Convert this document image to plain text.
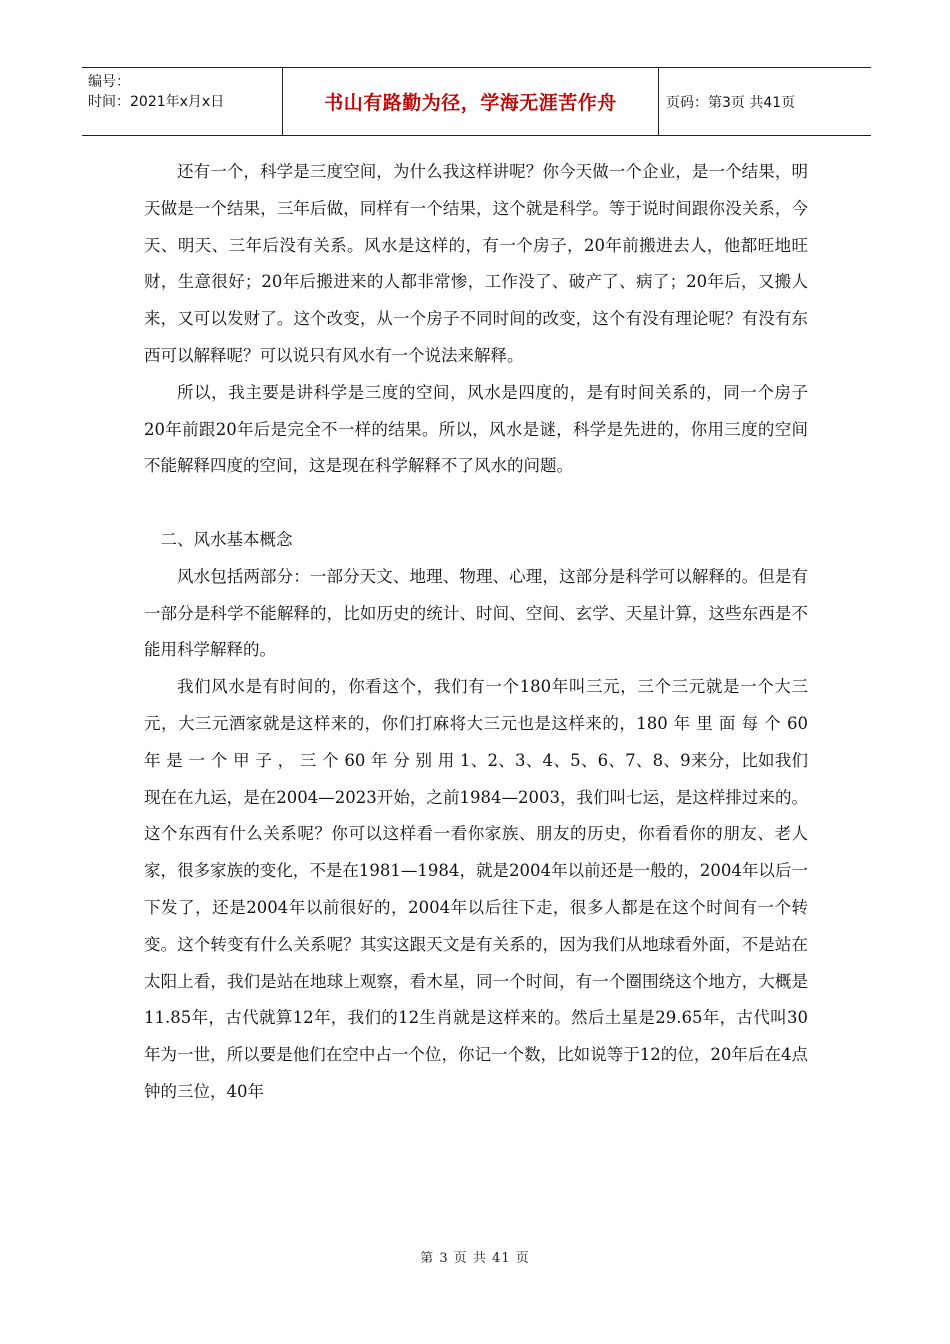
编号：
时间：2021年x月x日	书山有路勤为径，学海无涯苦作舟	页码：第3页 共41页

还有一个，科学是三度空间，为什么我这样讲呢？你今天做一个企业，是一个结果，明天做是一个结果，三年后做，同样有一个结果，这个就是科学。等于说时间跟你没关系，今天、明天、三年后没有关系。风水是这样的，有一个房子，20年前搬进去人，他都旺地旺财，生意很好；20年后搬进来的人都非常惨，工作没了、破产了、病了；20年后，又搬人来，又可以发财了。这个改变，从一个房子不同时间的改变，这个有没有理论呢？有没有东西可以解释呢？可以说只有风水有一个说法来解释。

所以，我主要是讲科学是三度的空间，风水是四度的，是有时间关系的，同一个房子20年前跟20年后是完全不一样的结果。所以，风水是谜，科学是先进的，你用三度的空间不能解释四度的空间，这是现在科学解释不了风水的问题。

二、风水基本概念

风水包括两部分：一部分天文、地理、物理、心理，这部分是科学可以解释的。但是有一部分是科学不能解释的，比如历史的统计、时间、空间、玄学、天星计算，这些东西是不能用科学解释的。

我们风水是有时间的，你看这个，我们有一个180年叫三元，三个三元就是一个大三元，大三元酒家就是这样来的，你们打麻将大三元也是这样来的，180 年 里 面 每 个 60 年 是 一 个 甲 子 ， 三 个 60 年 分 别 用 1、2、3、4、5、6、7、8、9来分，比如我们现在在九运，是在2004—2023开始，之前1984—2003，我们叫七运，是这样排过来的。这个东西有什么关系呢？你可以这样看一看你家族、朋友的历史，你看看你的朋友、老人家，很多家族的变化，不是在1981—1984，就是2004年以前还是一般的，2004年以后一下发了，还是2004年以前很好的，2004年以后往下走，很多人都是在这个时间有一个转变。这个转变有什么关系呢？其实这跟天文是有关系的，因为我们从地球看外面，不是站在太阳上看，我们是站在地球上观察，看木星，同一个时间，有一个圈围绕这个地方，大概是11.85年，古代就算12年，我们的12生肖就是这样来的。然后土星是29.65年，古代叫30年为一世，所以要是他们在空中占一个位，你记一个数，比如说等于12的位，20年后在4点钟的三位，40年

第 3 页 共 41 页
